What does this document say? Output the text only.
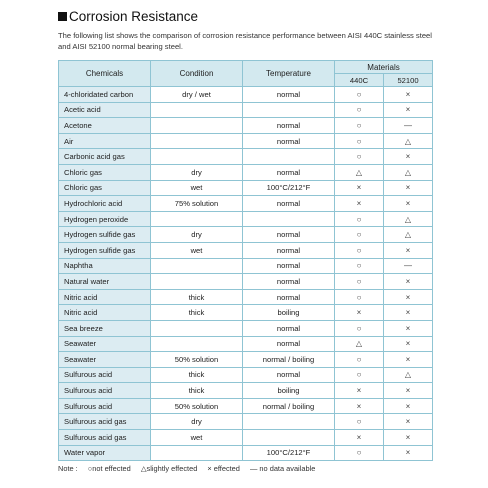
Corrosion Resistance
The following list shows the comparison of corrosion resistance performance between AISI 440C stainless steel and AISI 52100 normal bearing steel.
Chemicals	Condition	Temperature	Materials	
			440C	52100
4-chloridated carbon	dry / wet	normal	○	×
Acetic acid			○	×
Acetone		normal	○	—
Air		normal	○	△
Carbonic acid gas			○	×
Chloric gas	dry	normal	△	△
Chloric gas	wet	100°C/212°F	×	×
Hydrochloric acid	75% solution	normal	×	×
Hydrogen peroxide			○	△
Hydrogen sulfide gas	dry	normal	○	△
Hydrogen sulfide gas	wet	normal	○	×
Naphtha		normal	○	—
Natural water		normal	○	×
Nitric acid	thick	normal	○	×
Nitric acid	thick	boiling	×	×
Sea breeze		normal	○	×
Seawater		normal	△	×
Seawater	50% solution	normal / boiling	○	×
Sulfurous acid	thick	normal	○	△
Sulfurous acid	thick	boiling	×	×
Sulfurous acid	50% solution	normal / boiling	×	×
Sulfurous acid gas	dry		○	×
Sulfurous acid gas	wet		×	×
Water vapor		100°C/212°F	○	×
Note : ○not effected △slightly effected × effected — no data available
